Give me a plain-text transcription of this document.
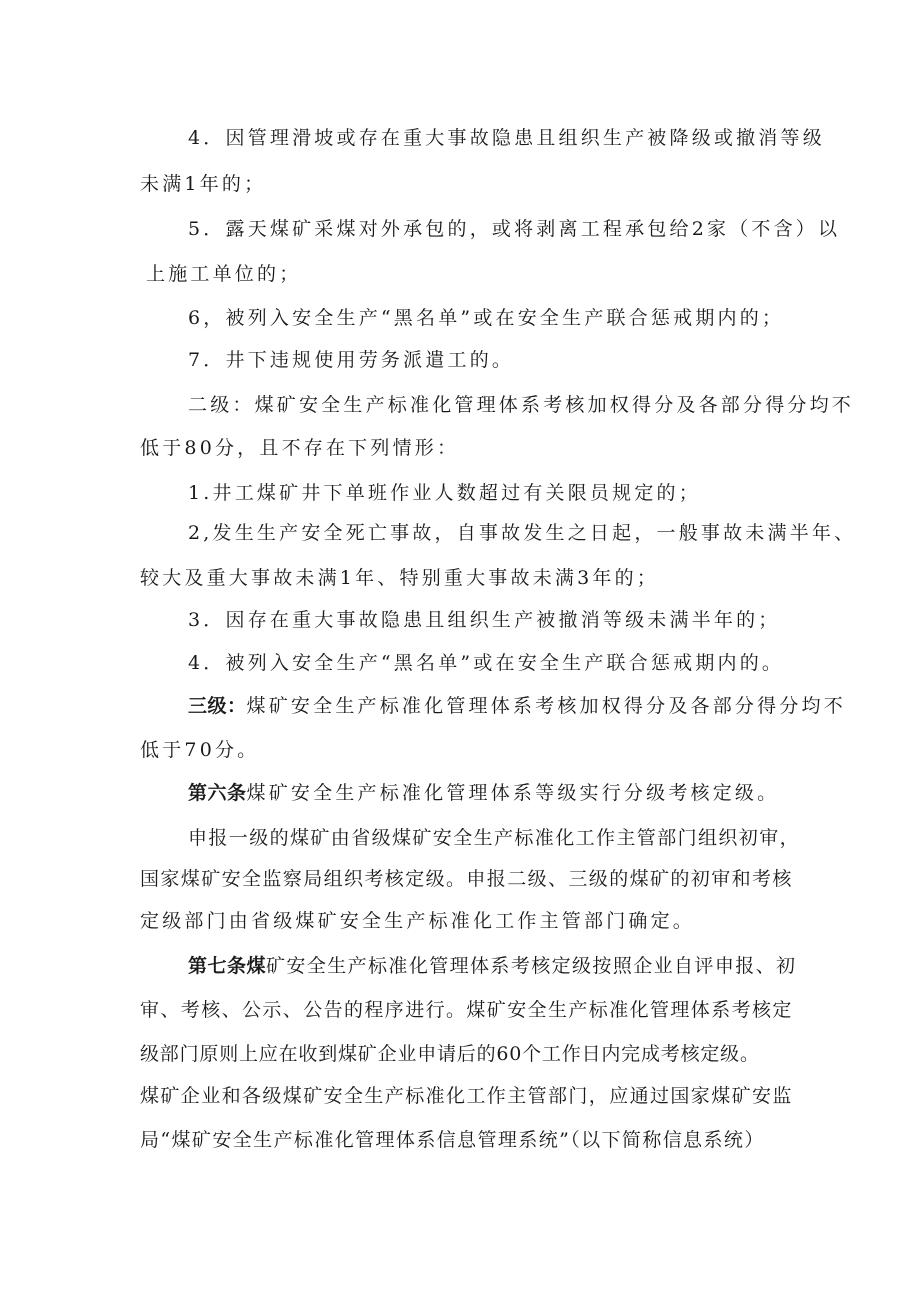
4．因管理滑坡或存在重大事故隐患且组织生产被降级或撤消等级
未满1年的；
5．露天煤矿采煤对外承包的，或将剥离工程承包给2家（不含）以
上施工单位的；
6，被列入安全生产“黑名单”或在安全生产联合惩戒期内的；
7．井下违规使用劳务派遣工的。
二级：煤矿安全生产标准化管理体系考核加权得分及各部分得分均不
低于80分，且不存在下列情形：
1.井工煤矿井下单班作业人数超过有关限员规定的；
2,发生生产安全死亡事故，自事故发生之日起，一般事故未满半年、
较大及重大事故未满1年、特别重大事故未满3年的；
3．因存在重大事故隐患且组织生产被撤消等级未满半年的；
4．被列入安全生产“黑名单”或在安全生产联合惩戒期内的。
三级：煤矿安全生产标准化管理体系考核加权得分及各部分得分均不
低于70分。
第六条煤矿安全生产标准化管理体系等级实行分级考核定级。
申报一级的煤矿由省级煤矿安全生产标准化工作主管部门组织初审，
国家煤矿安全监察局组织考核定级。申报二级、三级的煤矿的初审和考核
定级部门由省级煤矿安全生产标准化工作主管部门确定。
第七条煤矿安全生产标准化管理体系考核定级按照企业自评申报、初
审、考核、公示、公告的程序进行。煤矿安全生产标准化管理体系考核定
级部门原则上应在收到煤矿企业申请后的60个工作日内完成考核定级。
煤矿企业和各级煤矿安全生产标准化工作主管部门，应通过国家煤矿安监
局“煤矿安全生产标准化管理体系信息管理系统”（以下简称信息系统）
